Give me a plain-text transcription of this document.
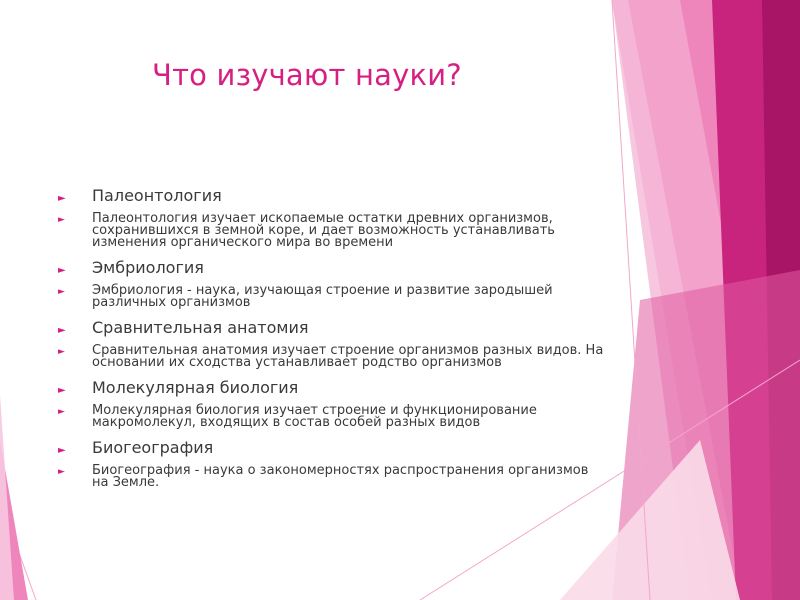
Что изучают науки?
► Палеонтология
► Палеонтология изучает ископаемые остатки древних организмов, сохранившихся в земной коре, и дает возможность устанавливать изменения органического мира во времени
► Эмбриология
► Эмбриология - наука, изучающая строение и развитие зародышей различных организмов
► Сравнительная анатомия
► Сравнительная анатомия изучает строение организмов разных видов. На основании их сходства устанавливает родство организмов
► Молекулярная биология
► Молекулярная биология изучает строение и функционирование макромолекул, входящих в состав особей разных видов
► Биогеография
► Биогеография - наука о закономерностях распространения организмов на Земле.
